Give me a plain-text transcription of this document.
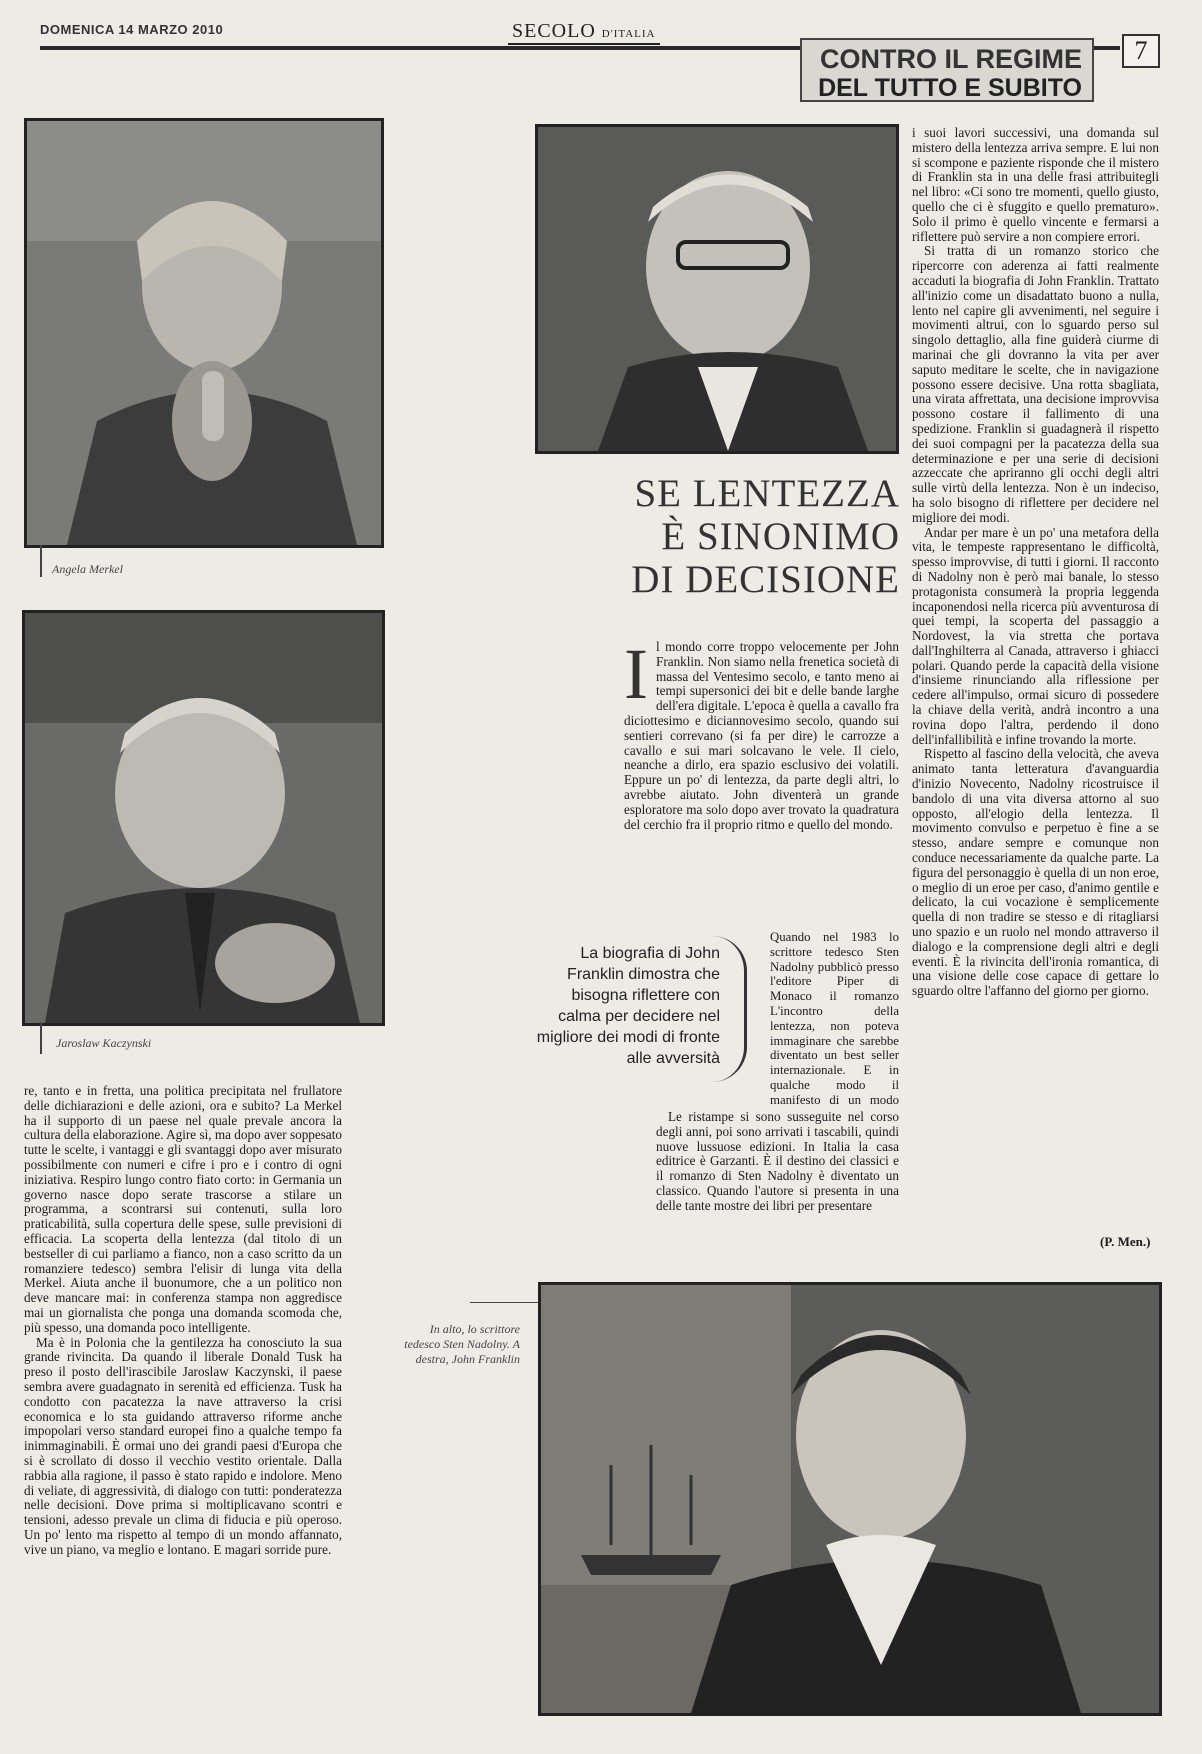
DOMENICA 14 MARZO 2010	SECOLO D'ITALIA
CONTRO IL REGIME
DEL TUTTO E SUBITO
7
Angela Merkel
Jaroslaw Kaczynski

re, tanto e in fretta, una politica precipitata nel frullatore delle dichiarazioni e delle azioni, ora e subito? La Merkel ha il supporto di un paese nel quale prevale ancora la cultura della elaborazione. Agire sì, ma dopo aver soppesato tutte le scelte, i vantaggi e gli svantaggi dopo aver misurato possibilmente con numeri e cifre i pro e i contro di ogni iniziativa. Respiro lungo contro fiato corto: in Germania un governo nasce dopo serate trascorse a stilare un programma, a scontrarsi sui contenuti, sulla loro praticabilità, sulla copertura delle spese, sulle previsioni di efficacia. La scoperta della lentezza (dal titolo di un bestseller di cui parliamo a fianco, non a caso scritto da un romanziere tedesco) sembra l'elisir di lunga vita della Merkel. Aiuta anche il buonumore, che a un politico non deve mancare mai: in conferenza stampa non aggredisce mai un giornalista che ponga una domanda scomoda che, più spesso, una domanda poco intelligente.

Ma è in Polonia che la gentilezza ha conosciuto la sua grande rivincita. Da quando il liberale Donald Tusk ha preso il posto dell'irascibile Jaroslaw Kaczynski, il paese sembra avere guadagnato in serenità ed efficienza. Tusk ha condotto con pacatezza la nave attraverso la crisi economica e lo sta guidando attraverso riforme anche impopolari verso standard europei fino a qualche tempo fa inimmaginabili. È ormai uno dei grandi paesi d'Europa che si è scrollato di dosso il vecchio vestito orientale. Dalla rabbia alla ragione, il passo è stato rapido e indolore. Meno di veliate, di aggressività, di dialogo con tutti: ponderatezza nelle decisioni. Dove prima si moltiplicavano scontri e tensioni, adesso prevale un clima di fiducia e più operoso. Un po' lento ma rispetto al tempo di un mondo affannato, vive un piano, va meglio e lontano. E magari sorride pure.

SE LENTEZZA
È SINONIMO
DI DECISIONE
I l mondo corre troppo velocemente per John Franklin. Non siamo nella frenetica società di massa del Ventesimo secolo, e tanto meno ai tempi supersonici dei bit e delle bande larghe dell'era digitale. L'epoca è quella a cavallo fra diciottesimo e diciannovesimo secolo, quando sui sentieri correvano (si fa per dire) le carrozze a cavallo e sui mari solcavano le vele. Il cielo, neanche a dirlo, era spazio esclusivo dei volatili. Eppure un po' di lentezza, da parte degli altri, lo avrebbe aiutato. John diventerà un grande esploratore ma solo dopo aver trovato la quadratura del cerchio fra il proprio ritmo e quello del mondo.

Quando nel 1983 lo scrittore tedesco Sten Nadolny pubblicò presso l'editore Piper di Monaco il romanzo L'incontro della lentezza, non poteva immaginare che sarebbe diventato un best seller internazionale. E in qualche modo il manifesto di un modo

Le ristampe si sono susseguite nel corso degli anni, poi sono arrivati i tascabili, quindi nuove lussuose edizioni. In Italia la casa editrice è Garzanti. È il destino dei classici e il romanzo di Sten Nadolny è diventato un classico. Quando l'autore si presenta in una delle tante mostre dei libri per presentare

La biografia di John Franklin dimostra che bisogna riflettere con calma per decidere nel migliore dei modi di fronte alle avversità

i suoi lavori successivi, una domanda sul mistero della lentezza arriva sempre. E lui non si scompone e paziente risponde che il mistero di Franklin sta in una delle frasi attribuitegli nel libro: «Ci sono tre momenti, quello giusto, quello che ci è sfuggito e quello prematuro». Solo il primo è quello vincente e fermarsi a riflettere può servire a non compiere errori.

Si tratta di un romanzo storico che ripercorre con aderenza ai fatti realmente accaduti la biografia di John Franklin. Trattato all'inizio come un disadattato buono a nulla, lento nel capire gli avvenimenti, nel seguire i movimenti altrui, con lo sguardo perso sul singolo dettaglio, alla fine guiderà ciurme di marinai che gli dovranno la vita per aver saputo meditare le scelte, che in navigazione possono essere decisive. Una rotta sbagliata, una virata affrettata, una decisione improvvisa possono costare il fallimento di una spedizione. Franklin si guadagnerà il rispetto dei suoi compagni per la pacatezza della sua determinazione e per una serie di decisioni azzeccate che apriranno gli occhi degli altri sulle virtù della lentezza. Non è un indeciso, ha solo bisogno di riflettere per decidere nel migliore dei modi.

Andar per mare è un po' una metafora della vita, le tempeste rappresentano le difficoltà, spesso improvvise, di tutti i giorni. Il racconto di Nadolny non è però mai banale, lo stesso protagonista consumerà la propria leggenda incaponendosi nella ricerca più avventurosa di quei tempi, la scoperta del passaggio a Nordovest, la via stretta che portava dall'Inghilterra al Canada, attraverso i ghiacci polari. Quando perde la capacità della visione d'insieme rinunciando alla riflessione per cedere all'impulso, ormai sicuro di possedere la chiave della verità, andrà incontro a una rovina dopo l'altra, perdendo il dono dell'infallibilità e infine trovando la morte.

Rispetto al fascino della velocità, che aveva animato tanta letteratura d'avanguardia d'inizio Novecento, Nadolny ricostruisce il bandolo di una vita diversa attorno al suo opposto, all'elogio della lentezza. Il movimento convulso e perpetuo è fine a se stesso, andare sempre e comunque non conduce necessariamente da qualche parte. La figura del personaggio è quella di un non eroe, o meglio di un eroe per caso, d'animo gentile e delicato, la cui vocazione è semplicemente quella di non tradire se stesso e di ritagliarsi uno spazio e un ruolo nel mondo attraverso il dialogo e la comprensione degli altri e degli eventi. È la rivincita dell'ironia romantica, di una visione delle cose capace di gettare lo sguardo oltre l'affanno del giorno per giorno.

(P. Men.)
In alto, lo scrittore tedesco Sten Nadolny. A destra, John Franklin
